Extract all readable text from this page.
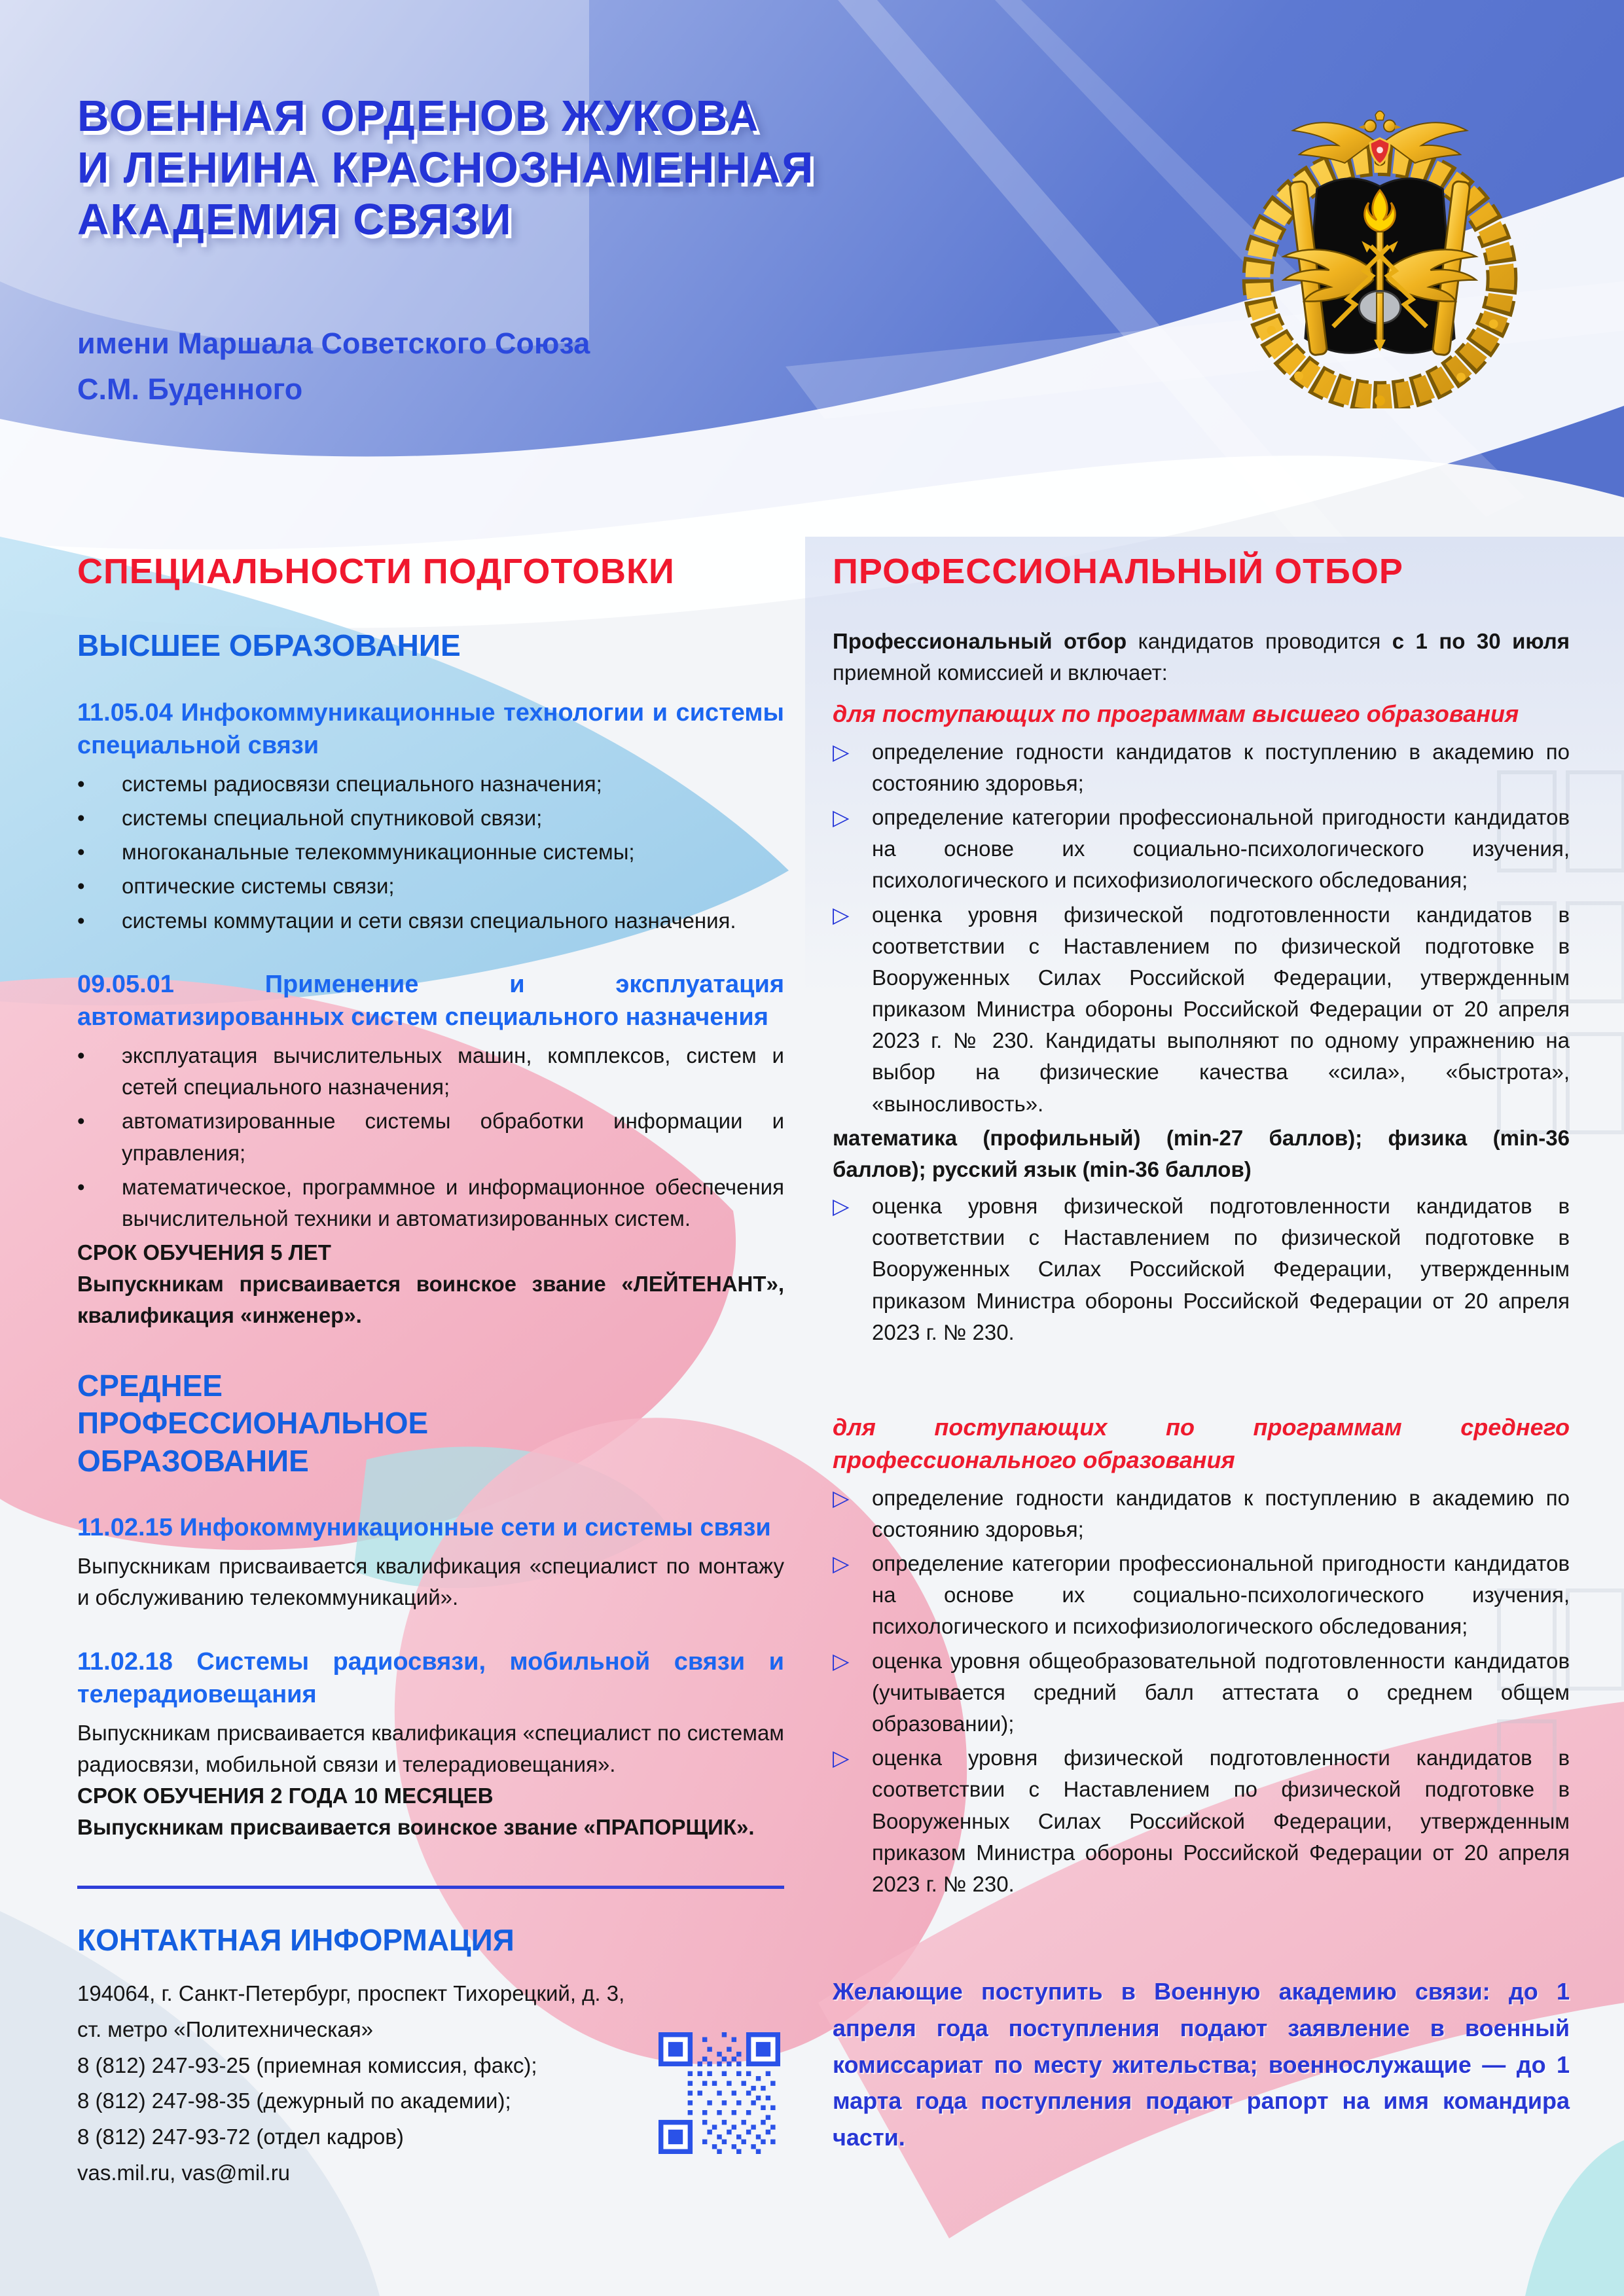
ВОЕННАЯ ОРДЕНОВ ЖУКОВА
И ЛЕНИНА КРАСНОЗНАМЕННАЯ
АКАДЕМИЯ СВЯЗИ
имени Маршала Советского Союза
С.М. Буденного
СПЕЦИАЛЬНОСТИ ПОДГОТОВКИ
ВЫСШЕЕ ОБРАЗОВАНИЕ
11.05.04 Инфокоммуникационные технологии и системы специальной связи
•	системы радиосвязи специального назначения;
•	системы специальной спутниковой связи;
•	многоканальные телекоммуникационные системы;
•	оптические системы связи;
•	системы коммутации и сети связи специального назначения.
09.05.01 Применение и эксплуатация автоматизированных систем специального назначения
•	эксплуатация вычислительных машин, комплексов, систем и сетей специального назначения;
•	автоматизированные системы обработки информации и управления;
•	математическое, программное и информационное обеспечения вычислительной техники и автоматизированных систем.

СРОК ОБУЧЕНИЯ 5 ЛЕТ

Выпускникам присваивается воинское звание «ЛЕЙТЕНАНТ», квалификация «инженер».

СРЕДНЕЕ ПРОФЕССИОНАЛЬНОЕ ОБРАЗОВАНИЕ
11.02.15 Инфокоммуникационные сети и системы связи

Выпускникам присваивается квалификация «специалист по монтажу и обслуживанию телекоммуникаций».

11.02.18 Системы радиосвязи, мобильной связи и телерадиовещания

Выпускникам присваивается квалификация «специалист по системам радиосвязи, мобильной связи и телерадиовещания».

СРОК ОБУЧЕНИЯ 2 ГОДА 10 МЕСЯЦЕВ

Выпускникам присваивается воинское звание «ПРАПОРЩИК».

КОНТАКТНАЯ ИНФОРМАЦИЯ
194064, г. Санкт-Петербург, проспект Тихорецкий, д. 3,
ст. метро «Политехническая»
8 (812) 247-93-25 (приемная комиссия, факс);
8 (812) 247-98-35 (дежурный по академии);
8 (812) 247-93-72 (отдел кадров)
vas.mil.ru, vas@mil.ru
ПРОФЕССИОНАЛЬНЫЙ ОТБОР

Профессиональный отбор кандидатов проводится с 1 по 30 июля приемной комиссией и включает:

для поступающих по программам высшего образования

▷	определение годности кандидатов к поступлению в академию по состоянию здоровья;
▷	определение категории профессиональной пригодности кандидатов на основе их социально-психологического изучения, психологического и психофизиологического обследования;
▷	оценка уровня физической подготовленности кандидатов в соответствии с Наставлением по физической подготовке в Вооруженных Силах Российской Федерации, утвержденным приказом Министра обороны Российской Федерации от 20 апреля 2023 г. № 230. Кандидаты выполняют по одному упражнению на выбор на физические качества «сила», «быстрота», «выносливость».

математика (профильный) (min-27 баллов); физика (min-36 баллов); русский язык (min-36 баллов)

▷	оценка уровня физической подготовленности кандидатов в соответствии с Наставлением по физической подготовке в Вооруженных Силах Российской Федерации, утвержденным приказом Министра обороны Российской Федерации от 20 апреля 2023 г. № 230.

для поступающих по программам среднего профессионального образования

▷	определение годности кандидатов к поступлению в академию по состоянию здоровья;
▷	определение категории профессиональной пригодности кандидатов на основе их социально-психологического изучения, психологического и психофизиологического обследования;
▷	оценка уровня общеобразовательной подготовленности кандидатов (учитывается средний балл аттестата о среднем общем образовании);
▷	оценка уровня физической подготовленности кандидатов в соответствии с Наставлением по физической подготовке в Вооруженных Силах Российской Федерации, утвержденным приказом Министра обороны Российской Федерации от 20 апреля 2023 г. № 230.

Желающие поступить в Военную академию связи: до 1 апреля года поступления подают заявление в военный комиссариат по месту жительства; военнослужащие — до 1 марта года поступления подают рапорт на имя командира части.
